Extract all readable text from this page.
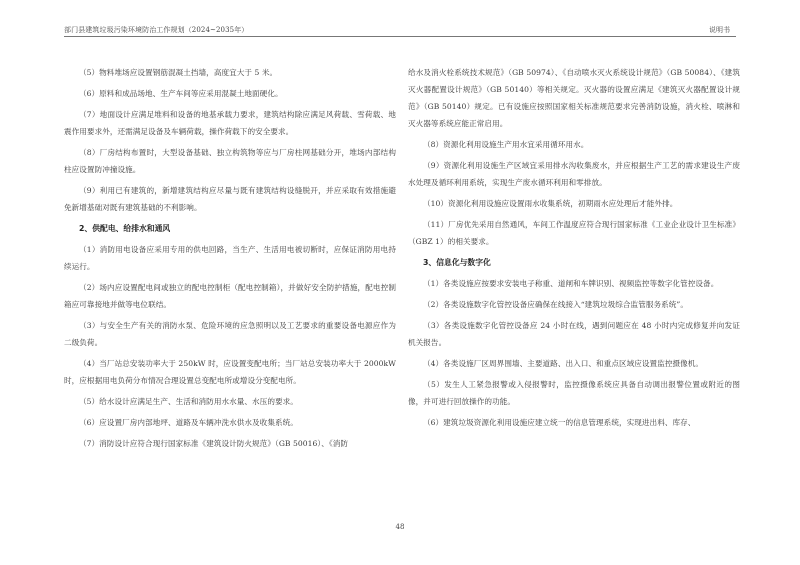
部门县建筑垃圾污染环境防治工作规划（2024~2035年）	说明书
（5）物料堆场应设置钢筋混凝土挡墙，高度宜大于 5 米。
（6）原料和成品场地、生产车间等应采用混凝土地面硬化。
（7）地面设计应满足堆料和设备的地基承载力要求，建筑结构除应满足风荷载、雪荷载、地震作用要求外，还需满足设备及车辆荷载，操作荷载下的安全要求。
（8）厂房结构布置时，大型设备基础、独立构筑物等应与厂房柱网基础分开，堆场内部结构柱应设置防冲撞设施。
（9）利用已有建筑的，新增建筑结构应尽量与既有建筑结构设缝脱开，并应采取有效措施避免新增基础对既有建筑基础的不利影响。
2、供配电、给排水和通风
（1）消防用电设备应采用专用的供电回路，当生产、生活用电被切断时，应保证消防用电持续运行。
（2）场内应设置配电间或独立的配电控制柜（配电控制箱），并做好安全防护措施，配电控制箱应可靠接地并做等电位联结。
（3）与安全生产有关的消防水泵、危险环境的应急照明以及工艺要求的重要设备电源应作为二级负荷。
（4）当厂站总安装功率大于 250kW 时，应设置变配电所；当厂站总安装功率大于 2000kW时，应根据用电负荷分布情况合理设置总变配电所或增设分变配电所。
（5）给水设计应满足生产、生活和消防用水水量、水压的要求。
（6）应设置厂房内部地坪、道路及车辆冲洗水供水及收集系统。
（7）消防设计应符合现行国家标准《建筑设计防火规范》（GB 50016）、《消防
给水及消火栓系统技术规范》（GB 50974）、《自动喷水灭火系统设计规范》（GB 50084）、《建筑灭火器配置设计规范》（GB 50140）等相关规定。灭火器的设置应满足《建筑灭火器配置设计规范》（GB 50140）规定。已有设施应按照国家相关标准规范要求完善消防设施，消火栓、喷淋和灭火器等系统应能正常启用。
（8）资源化利用设施生产用水宜采用循环用水。
（9）资源化利用设施生产区域宜采用排水沟收集废水，并应根据生产工艺的需求建设生产废水处理及循环利用系统，实现生产废水循环利用和零排放。
（10）资源化利用设施应设置雨水收集系统，初期雨水应处理后才能外排。
（11）厂房优先采用自然通风，车间工作温度应符合现行国家标准《工业企业设计卫生标准》（GBZ 1）的相关要求。
3、信息化与数字化
（1）各类设施应按要求安装电子称重、道闸和车牌识别、视频监控等数字化管控设备。
（2）各类设施数字化管控设备应确保在线接入“建筑垃圾综合监管服务系统”。
（3）各类设施数字化管控设备应 24 小时在线，遇到问题应在 48 小时内完成修复并向发证机关报告。
（4）各类设施厂区周界围墙、主要道路、出入口、和重点区域应设置监控摄像机。
（5）发生人工紧急报警或入侵报警时，监控摄像系统应具备自动调出报警位置或附近的图像，并可进行回放操作的功能。
（6）建筑垃圾资源化利用设施应建立统一的信息管理系统，实现进出料、库存、
48
